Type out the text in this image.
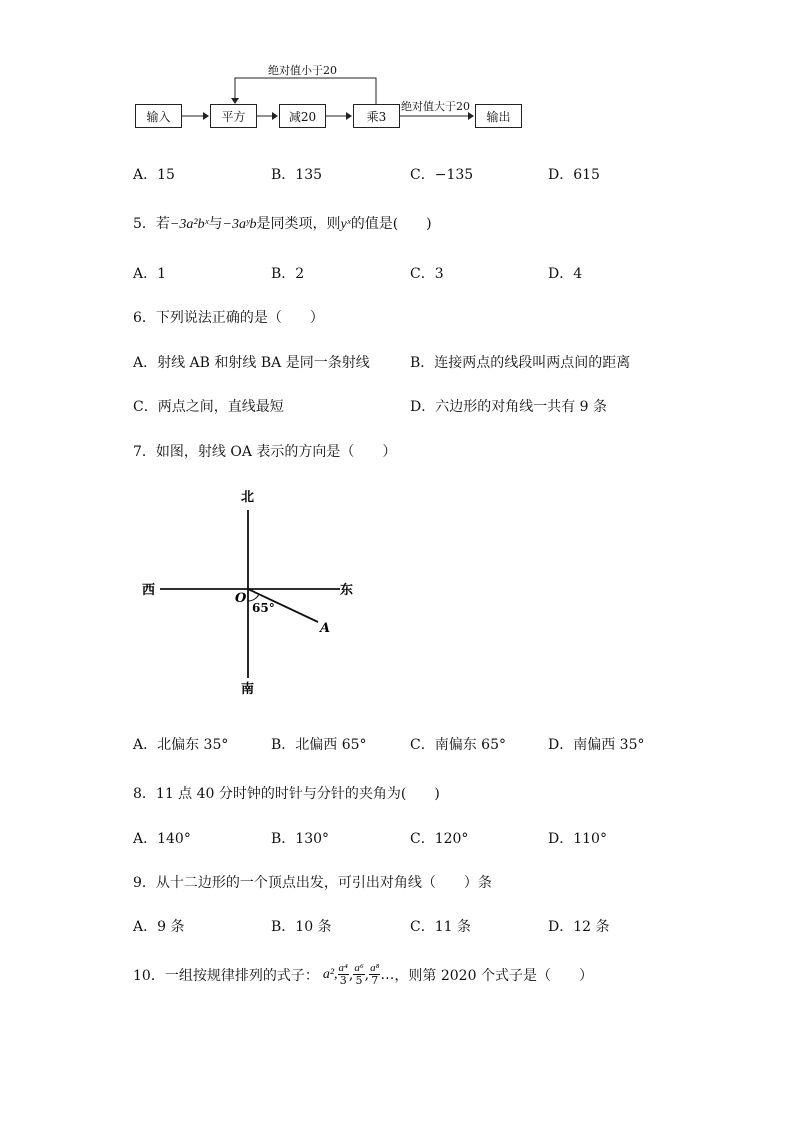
绝对值小于20
绝对值大于20
输入	平方	减20	乘3	输出
A．15	B．135	C．−135	D．615
5．若−3a²bˣ与−3aʸb是同类项，则yˣ的值是(　　)
A．1	B．2	C．3	D．4
6．下列说法正确的是（　　）
A．射线 AB 和射线 BA 是同一条射线	B．连接两点的线段叫两点间的距离
C．两点之间，直线最短	D．六边形的对角线一共有 9 条
7．如图，射线 OA 表示的方向是（　　）
北
南
东
西
O
A
65°
A．北偏东 35°	B．北偏西 65°	C．南偏东 65°	D．南偏西 35°
8．11 点 40 分时钟的时针与分针的夹角为(　　)
A．140°	B．130°	C．120°	D．110°
9．从十二边形的一个顶点出发，可引出对角线（　　）条
A．9 条	B．10 条	C．11 条	D．12 条
10．一组按规律排列的式子： a², $\frac{\text{a⁴}}{3}$ , $\frac{\text{a⁶}}{5}$ , $\frac{\text{a⁸}}{7}$ … ，则第 2020 个式子是（　　）
